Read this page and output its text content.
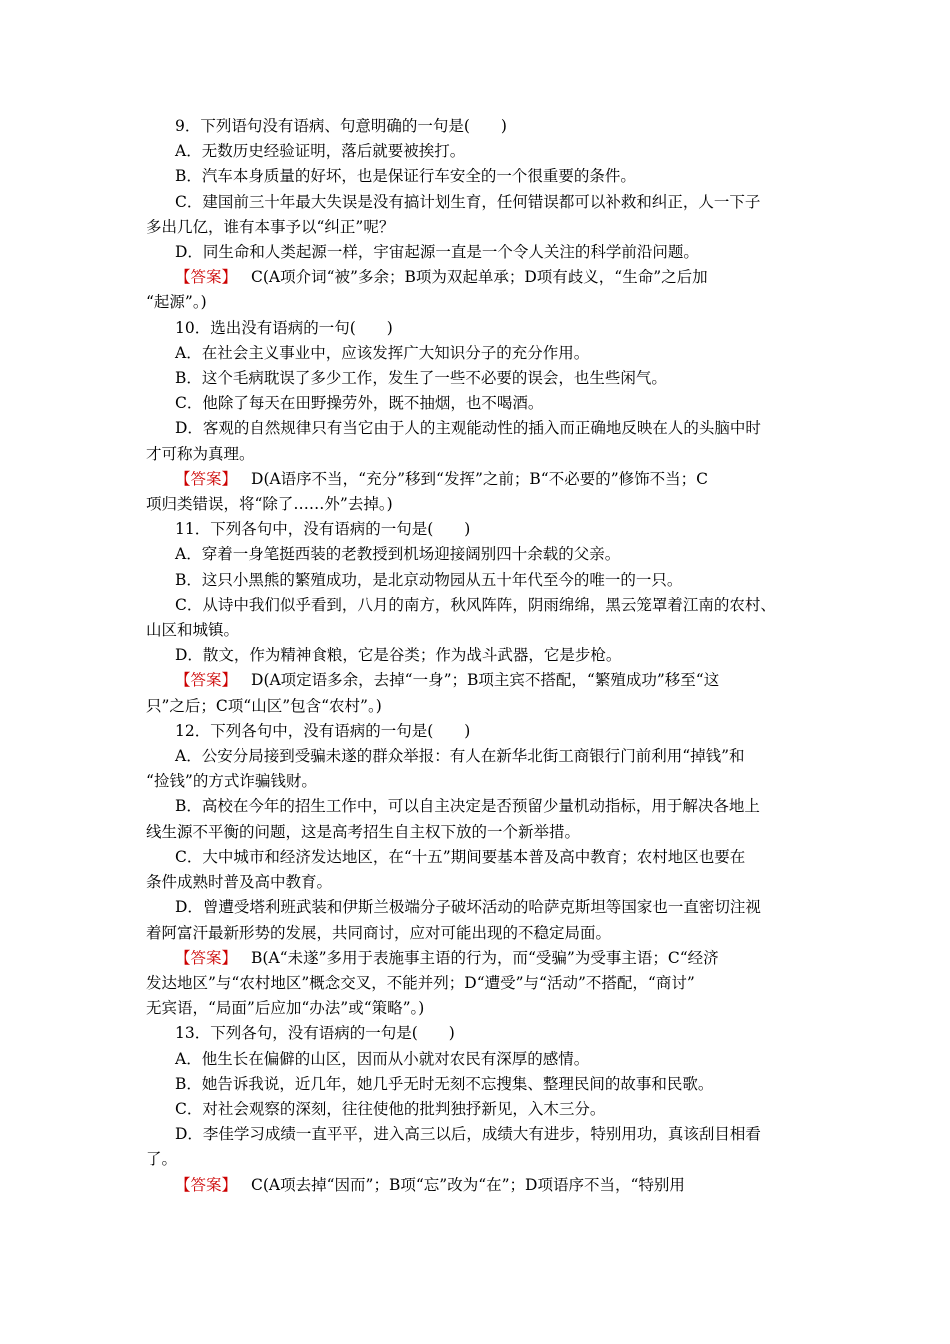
9．下列语句没有语病、句意明确的一句是(　　)
A．无数历史经验证明，落后就要被挨打。
B．汽车本身质量的好坏，也是保证行车安全的一个很重要的条件。
C．建国前三十年最大失误是没有搞计划生育，任何错误都可以补救和纠正，人一下子
多出几亿，谁有本事予以“纠正”呢？
D．同生命和人类起源一样，宇宙起源一直是一个令人关注的科学前沿问题。
【答案】 C(A项介词“被”多余；B项为双起单承；D项有歧义，“生命”之后加
“起源”。)
10．选出没有语病的一句(　　)
A．在社会主义事业中，应该发挥广大知识分子的充分作用。
B．这个毛病耽误了多少工作，发生了一些不必要的误会，也生些闲气。
C．他除了每天在田野操劳外，既不抽烟，也不喝酒。
D．客观的自然规律只有当它由于人的主观能动性的插入而正确地反映在人的头脑中时
才可称为真理。
【答案】 D(A语序不当，“充分”移到“发挥”之前；B“不必要的”修饰不当；C
项归类错误，将“除了……外”去掉。)
11．下列各句中，没有语病的一句是(　　)
A．穿着一身笔挺西装的老教授到机场迎接阔别四十余载的父亲。
B．这只小黑熊的繁殖成功，是北京动物园从五十年代至今的唯一的一只。
C．从诗中我们似乎看到，八月的南方，秋风阵阵，阴雨绵绵，黑云笼罩着江南的农村、
山区和城镇。
D．散文，作为精神食粮，它是谷类；作为战斗武器，它是步枪。
【答案】 D(A项定语多余，去掉“一身”；B项主宾不搭配，“繁殖成功”移至“这
只”之后；C项“山区”包含“农村”。)
12．下列各句中，没有语病的一句是(　　)
A．公安分局接到受骗未遂的群众举报：有人在新华北街工商银行门前利用“掉钱”和
“捡钱”的方式诈骗钱财。
B．高校在今年的招生工作中，可以自主决定是否预留少量机动指标，用于解决各地上
线生源不平衡的问题，这是高考招生自主权下放的一个新举措。
C．大中城市和经济发达地区，在“十五”期间要基本普及高中教育；农村地区也要在
条件成熟时普及高中教育。
D．曾遭受塔利班武装和伊斯兰极端分子破坏活动的哈萨克斯坦等国家也一直密切注视
着阿富汗最新形势的发展，共同商讨，应对可能出现的不稳定局面。
【答案】 B(A“未遂”多用于表施事主语的行为，而“受骗”为受事主语；C“经济
发达地区”与“农村地区”概念交叉，不能并列；D“遭受”与“活动”不搭配，“商讨”
无宾语，“局面”后应加“办法”或“策略”。)
13．下列各句，没有语病的一句是(　　)
A．他生长在偏僻的山区，因而从小就对农民有深厚的感情。
B．她告诉我说，近几年，她几乎无时无刻不忘搜集、整理民间的故事和民歌。
C．对社会观察的深刻，往往使他的批判独抒新见，入木三分。
D．李佳学习成绩一直平平，进入高三以后，成绩大有进步，特别用功，真该刮目相看
了。
【答案】 C(A项去掉“因而”；B项“忘”改为“在”；D项语序不当，“特别用
